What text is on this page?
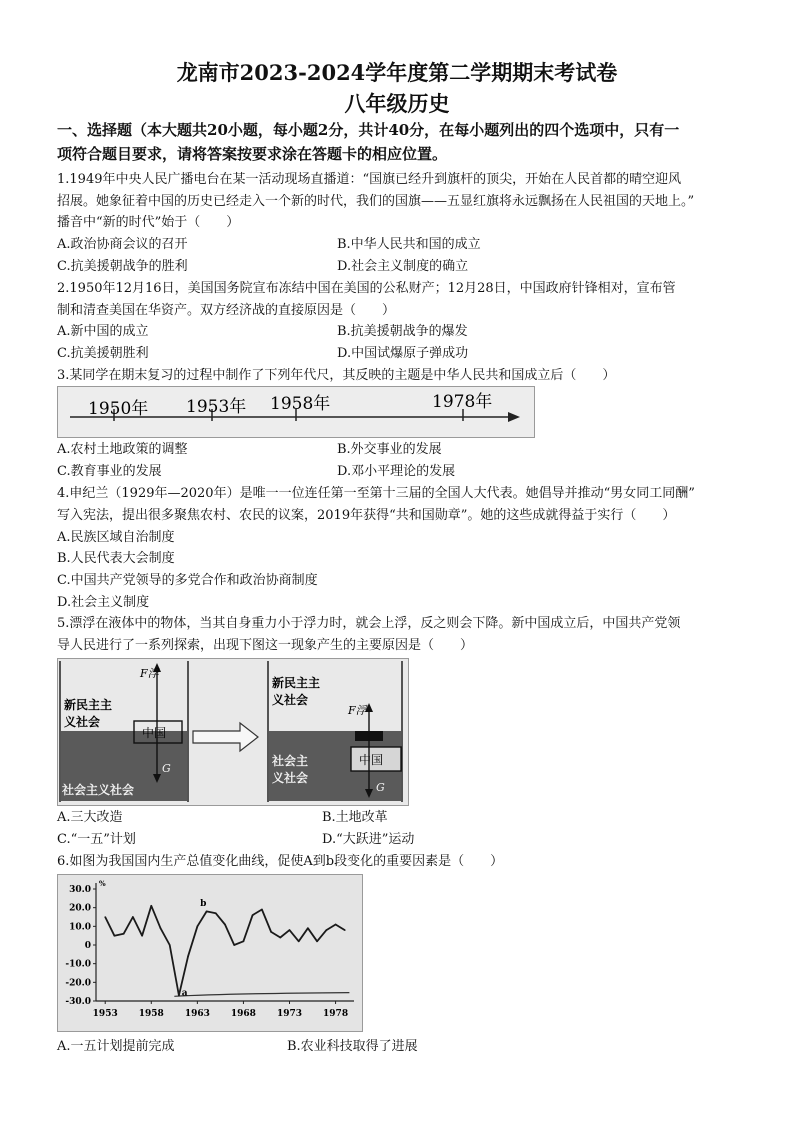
龙南市2023-2024学年度第二学期期末考试卷
八年级历史
一、选择题（本大题共20小题，每小题2分，共计40分，在每小题列出的四个选项中，只有一
项符合题目要求，请将答案按要求涂在答题卡的相应位置。
1.1949年中央人民广播电台在某一活动现场直播道：“国旗已经升到旗杆的顶尖，开始在人民首都的晴空迎风
招展。她象征着中国的历史已经走入一个新的时代，我们的国旗——五显红旗将永远飘扬在人民祖国的天地上。”
播音中“新的时代”始于（　　）
A.政治协商会议的召开	B.中华人民共和国的成立
C.抗美援朝战争的胜利	D.社会主义制度的确立
2.1950年12月16日，美国国务院宣布冻结中国在美国的公私财产；12月28日，中国政府针锋相对，宣布管
制和清查美国在华资产。双方经济战的直接原因是（　　）
A.新中国的成立	B.抗美援朝战争的爆发
C.抗美援朝胜利	D.中国试爆原子弹成功
3.某同学在期末复习的过程中制作了下列年代尺，其反映的主题是中华人民共和国成立后（　　）
1950年 1953年 1958年	1978年
A.农村土地政策的调整	B.外交事业的发展
C.教育事业的发展	D.邓小平理论的发展
4.申纪兰（1929年—2020年）是唯一一位连任第一至第十三届的全国人大代表。她倡导并推动“男女同工同酬”
写入宪法，提出很多聚焦农村、农民的议案，2019年获得“共和国勋章”。她的这些成就得益于实行（　　）
A.民族区域自治制度
B.人民代表大会制度
C.中国共产党领导的多党合作和政治协商制度
D.社会主义制度
5.漂浮在液体中的物体，当其自身重力小于浮力时，就会上浮，反之则会下降。新中国成立后，中国共产党领
导人民进行了一系列探索，出现下图这一现象产生的主要原因是（　　）
新民主主 义社会
社会主义社会
中国
F浮
G
新民主主 义社会
社会主 义社会
中国
F浮
G
A.三大改造	B.土地改革
C.“一五”计划	D.“大跃进”运动
6.如图为我国国内生产总值变化曲线，促使A到b段变化的重要因素是（　　）
%
30.0
20.0
10.0
0
-10.0
-20.0
-30.0
1953 1958 1963 1968 1973 1978
b
a
A.一五计划提前完成	B.农业科技取得了进展
